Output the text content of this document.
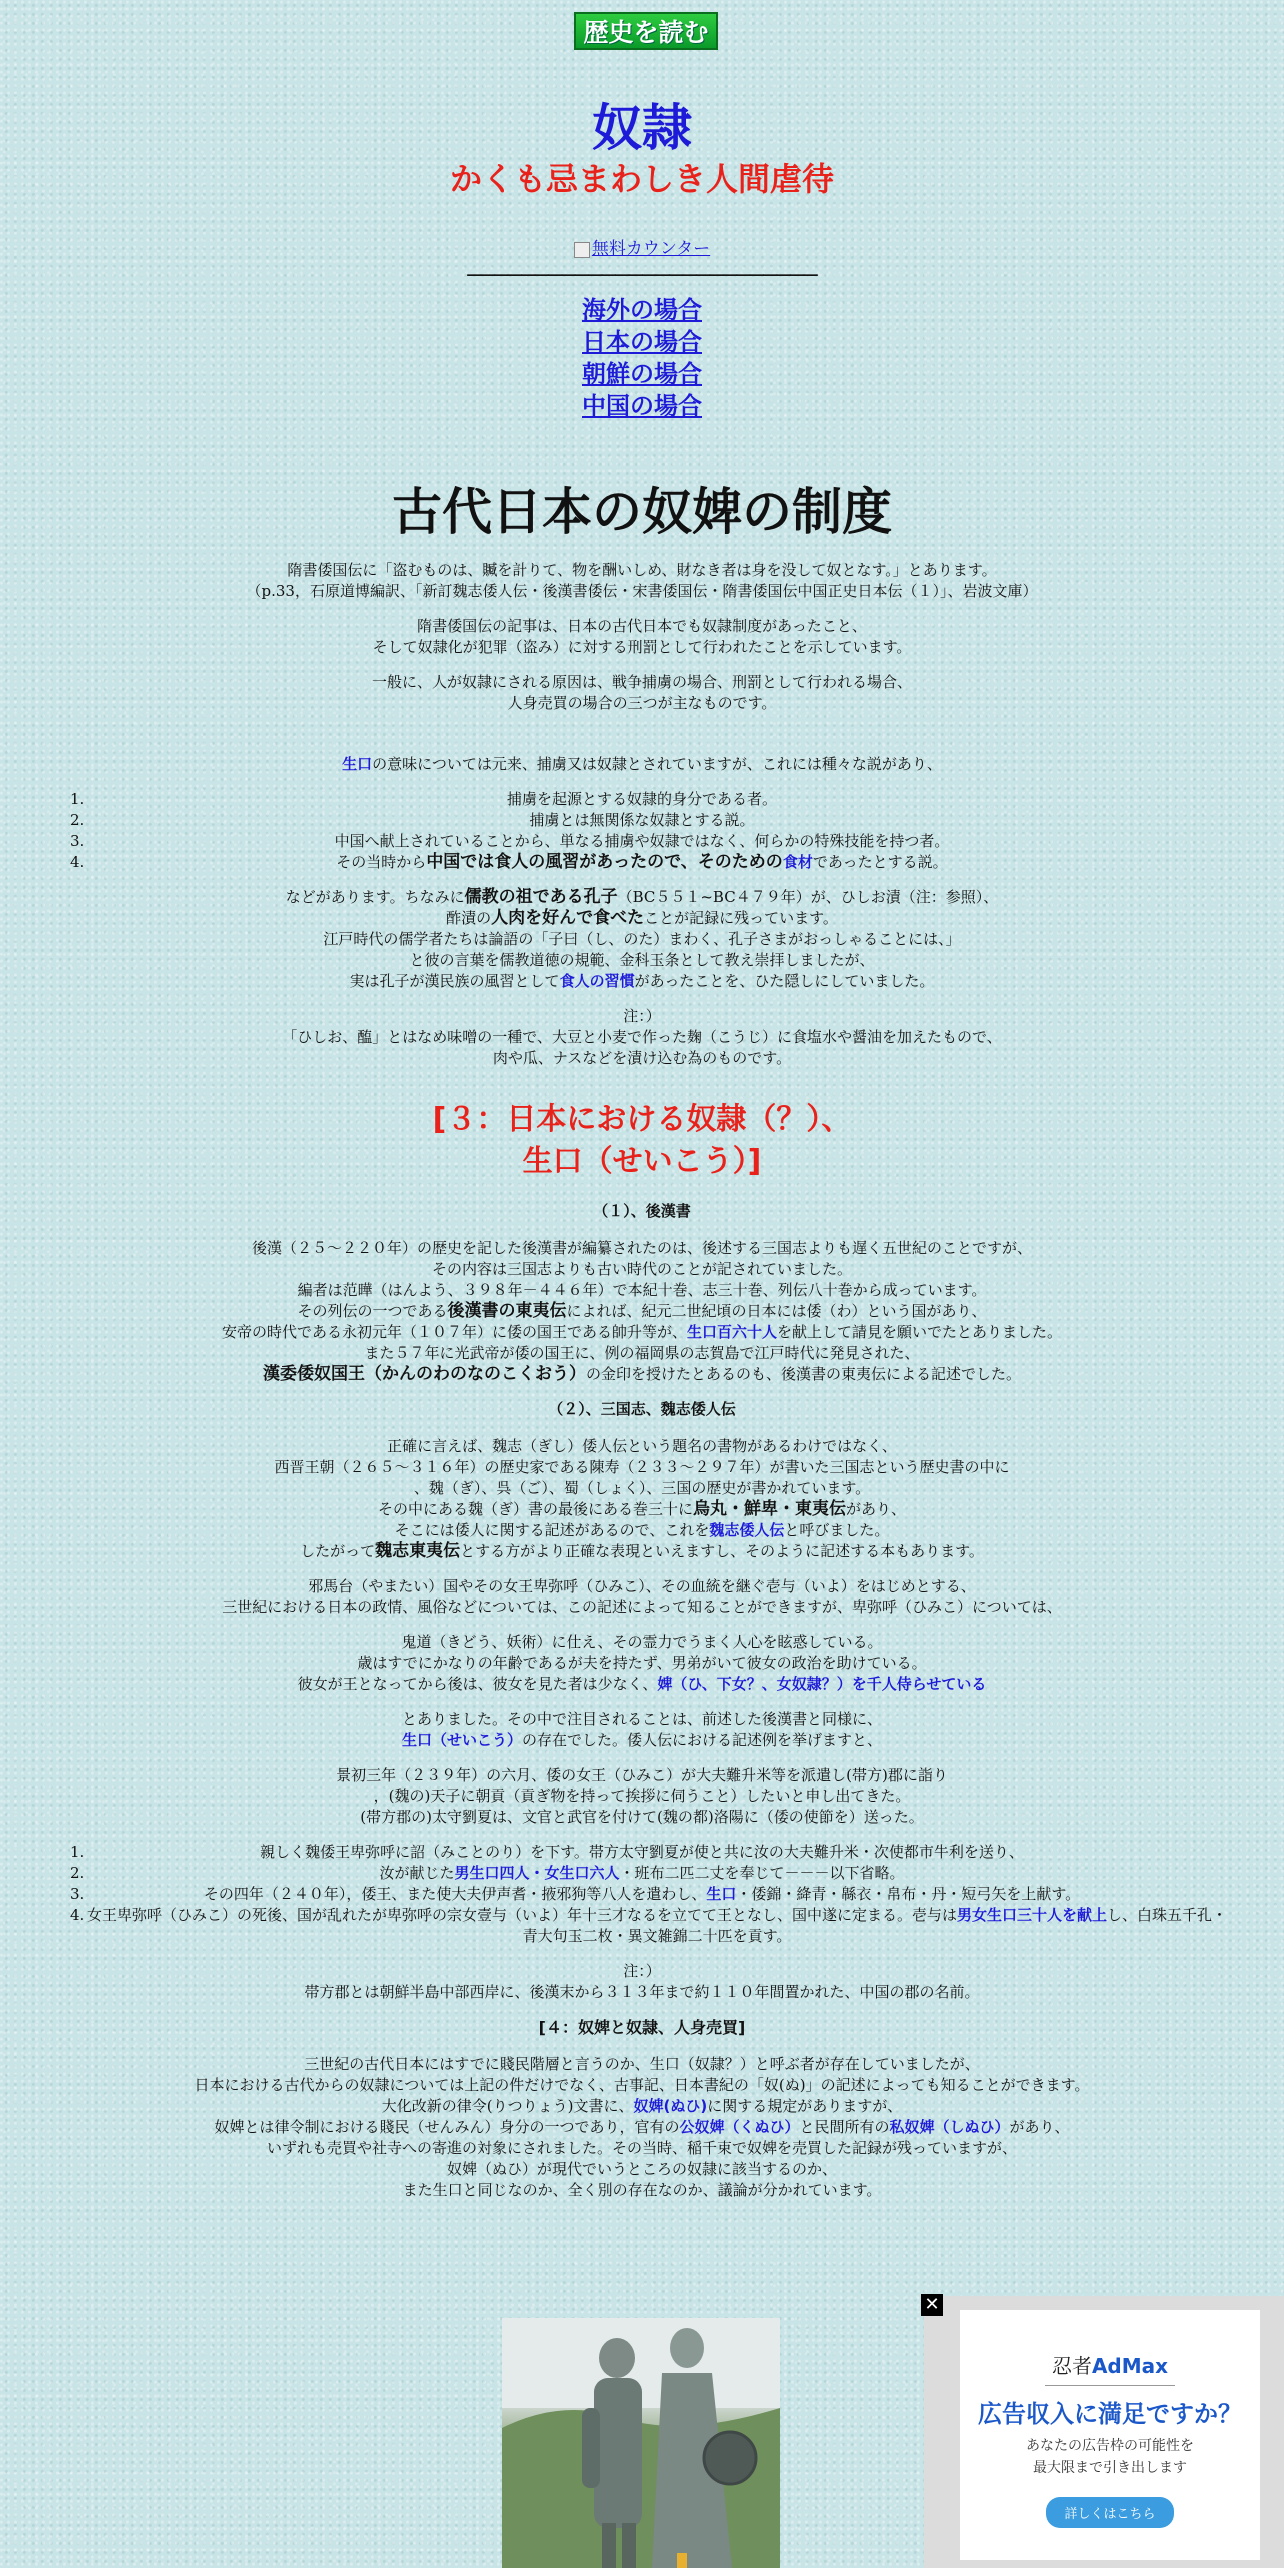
歴史を読む
奴隷
かくも忌まわしき人間虐待
無料カウンター
――――――――――――――――――――――――――
海外の場合
日本の場合
朝鮮の場合
中国の場合
古代日本の奴婢の制度

隋書倭国伝に「盗むものは、贓を計りて、物を酬いしめ、財なき者は身を没して奴となす。」とあります。
（p.33，石原道博編訳、「新訂魏志倭人伝・後漢書倭伝・宋書倭国伝・隋書倭国伝中国正史日本伝（１）」、岩波文庫）

隋書倭国伝の記事は、日本の古代日本でも奴隷制度があったこと、
そして奴隷化が犯罪（盗み）に対する刑罰として行われたことを示しています。

一般に、人が奴隷にされる原因は、戦争捕虜の場合、刑罰として行われる場合、
人身売買の場合の三つが主なものです。

生口の意味については元来、捕虜又は奴隷とされていますが、これには種々な説があり、

1.	捕虜を起源とする奴隷的身分である者。
2.	捕虜とは無関係な奴隷とする説。
3.	中国へ献上されていることから、単なる捕虜や奴隷ではなく、何らかの特殊技能を持つ者。
4.	その当時から中国では食人の風習があったので、そのための食材であったとする説。

などがあります。ちなみに儒教の祖である孔子（BC５５１~BC４７９年）が、ひしお漬（注：参照）、
酢漬の人肉を好んで食べたことが記録に残っています。
江戸時代の儒学者たちは論語の「子曰（し、のた）まわく、孔子さまがおっしゃることには、」
と彼の言葉を儒教道徳の規範、金科玉条として教え崇拝しましたが、
実は孔子が漢民族の風習として食人の習慣があったことを、ひた隠しにしていました。

注：）
「ひしお、醢」とはなめ味噌の一種で、大豆と小麦で作った麹（こうじ）に食塩水や醤油を加えたもので、
肉や瓜、ナスなどを漬け込む為のものです。

[３：日本における奴隷（？）、
生口（せいこう）]
（１）、後漢書

後漢（２５～２２０年）の歴史を記した後漢書が編纂されたのは、後述する三国志よりも遅く五世紀のことですが、
その内容は三国志よりも古い時代のことが記されていました。
編者は范曄（はんよう、３９８年－４４６年）で本紀十巻、志三十巻、列伝八十巻から成っています。
その列伝の一つである後漢書の東夷伝によれば、紀元二世紀頃の日本には倭（わ）という国があり、
安帝の時代である永初元年（１０７年）に倭の国王である帥升等が、生口百六十人を献上して請見を願いでたとありました。
また５７年に光武帝が倭の国王に、例の福岡県の志賀島で江戸時代に発見された、
漢委倭奴国王（かんのわのなのこくおう）の金印を授けたとあるのも、後漢書の東夷伝による記述でした。

（２）、三国志、魏志倭人伝

正確に言えば、魏志（ぎし）倭人伝という題名の書物があるわけではなく、
西晋王朝（２６５～３１６年）の歴史家である陳寿（２３３～２９７年）が書いた三国志という歴史書の中に
、魏（ぎ）、呉（ご）、蜀（しょく）、三国の歴史が書かれています。
その中にある魏（ぎ）書の最後にある巻三十に烏丸・鮮卑・東夷伝があり、
そこには倭人に関する記述があるので、これを魏志倭人伝と呼びました。
したがって魏志東夷伝とする方がより正確な表現といえますし、そのように記述する本もあります。

邪馬台（やまたい）国やその女王卑弥呼（ひみこ）、その血統を継ぐ壱与（いよ）をはじめとする、
三世紀における日本の政情、風俗などについては、この記述によって知ることができますが、卑弥呼（ひみこ）については、

鬼道（きどう、妖術）に仕え、その霊力でうまく人心を眩惑している。
歳はすでにかなりの年齢であるが夫を持たず、男弟がいて彼女の政治を助けている。
彼女が王となってから後は、彼女を見た者は少なく、婢（ひ、下女？、女奴隷？）を千人侍らせている

とありました。その中で注目されることは、前述した後漢書と同様に、
生口（せいこう）の存在でした。倭人伝における記述例を挙げますと、

景初三年（２３９年）の六月、倭の女王（ひみこ）が大夫難升米等を派遣し(帯方)郡に詣り
，(魏の)天子に朝貢（貢ぎ物を持って挨拶に伺うこと）したいと申し出てきた。
(帯方郡の)太守劉夏は、文官と武官を付けて(魏の都)洛陽に（倭の使節を）送った。

1.	親しく魏倭王卑弥呼に詔（みことのり）を下す。帯方太守劉夏が使と共に汝の大夫難升米・次使都市牛利を送り、
2.	汝が献じた男生口四人・女生口六人・班布二匹二丈を奉じて－－－以下省略。
3.	その四年（２４０年），倭王、また使大夫伊声耆・掖邪狗等八人を遣わし、生口・倭錦・絳青・緜衣・帛布・丹・短弓矢を上献す。
4. 女王卑弥呼（ひみこ）の死後、国が乱れたが卑弥呼の宗女壹与（いよ）年十三才なるを立てて王となし、国中遂に定まる。壱与は男女生口三十人を献上し、白珠五千孔・青大句玉二枚・異文雑錦二十匹を貢す。

注：）
帯方郡とは朝鮮半島中部西岸に、後漢末から３１３年まで約１１０年間置かれた、中国の郡の名前。

[４：奴婢と奴隷、人身売買]

三世紀の古代日本にはすでに賤民階層と言うのか、生口（奴隷？）と呼ぶ者が存在していましたが、
日本における古代からの奴隷については上記の件だけでなく、古事記、日本書紀の「奴(ぬ)」の記述によっても知ることができます。
大化改新の律令(りつりょう)文書に、奴婢(ぬひ)に関する規定がありますが、
奴婢とは律令制における賤民（せんみん）身分の一つであり，官有の公奴婢（くぬひ）と民間所有の私奴婢（しぬひ）があり、
いずれも売買や社寺への寄進の対象にされました。その当時、稲千束で奴婢を売買した記録が残っていますが、
奴婢（ぬひ）が現代でいうところの奴隷に該当するのか、
また生口と同じなのか、全く別の存在なのか、議論が分かれています。

忍者AdMax
広告収入に満足ですか？
あなたの広告枠の可能性を
最大限まで引き出します
詳しくはこちら
✕
